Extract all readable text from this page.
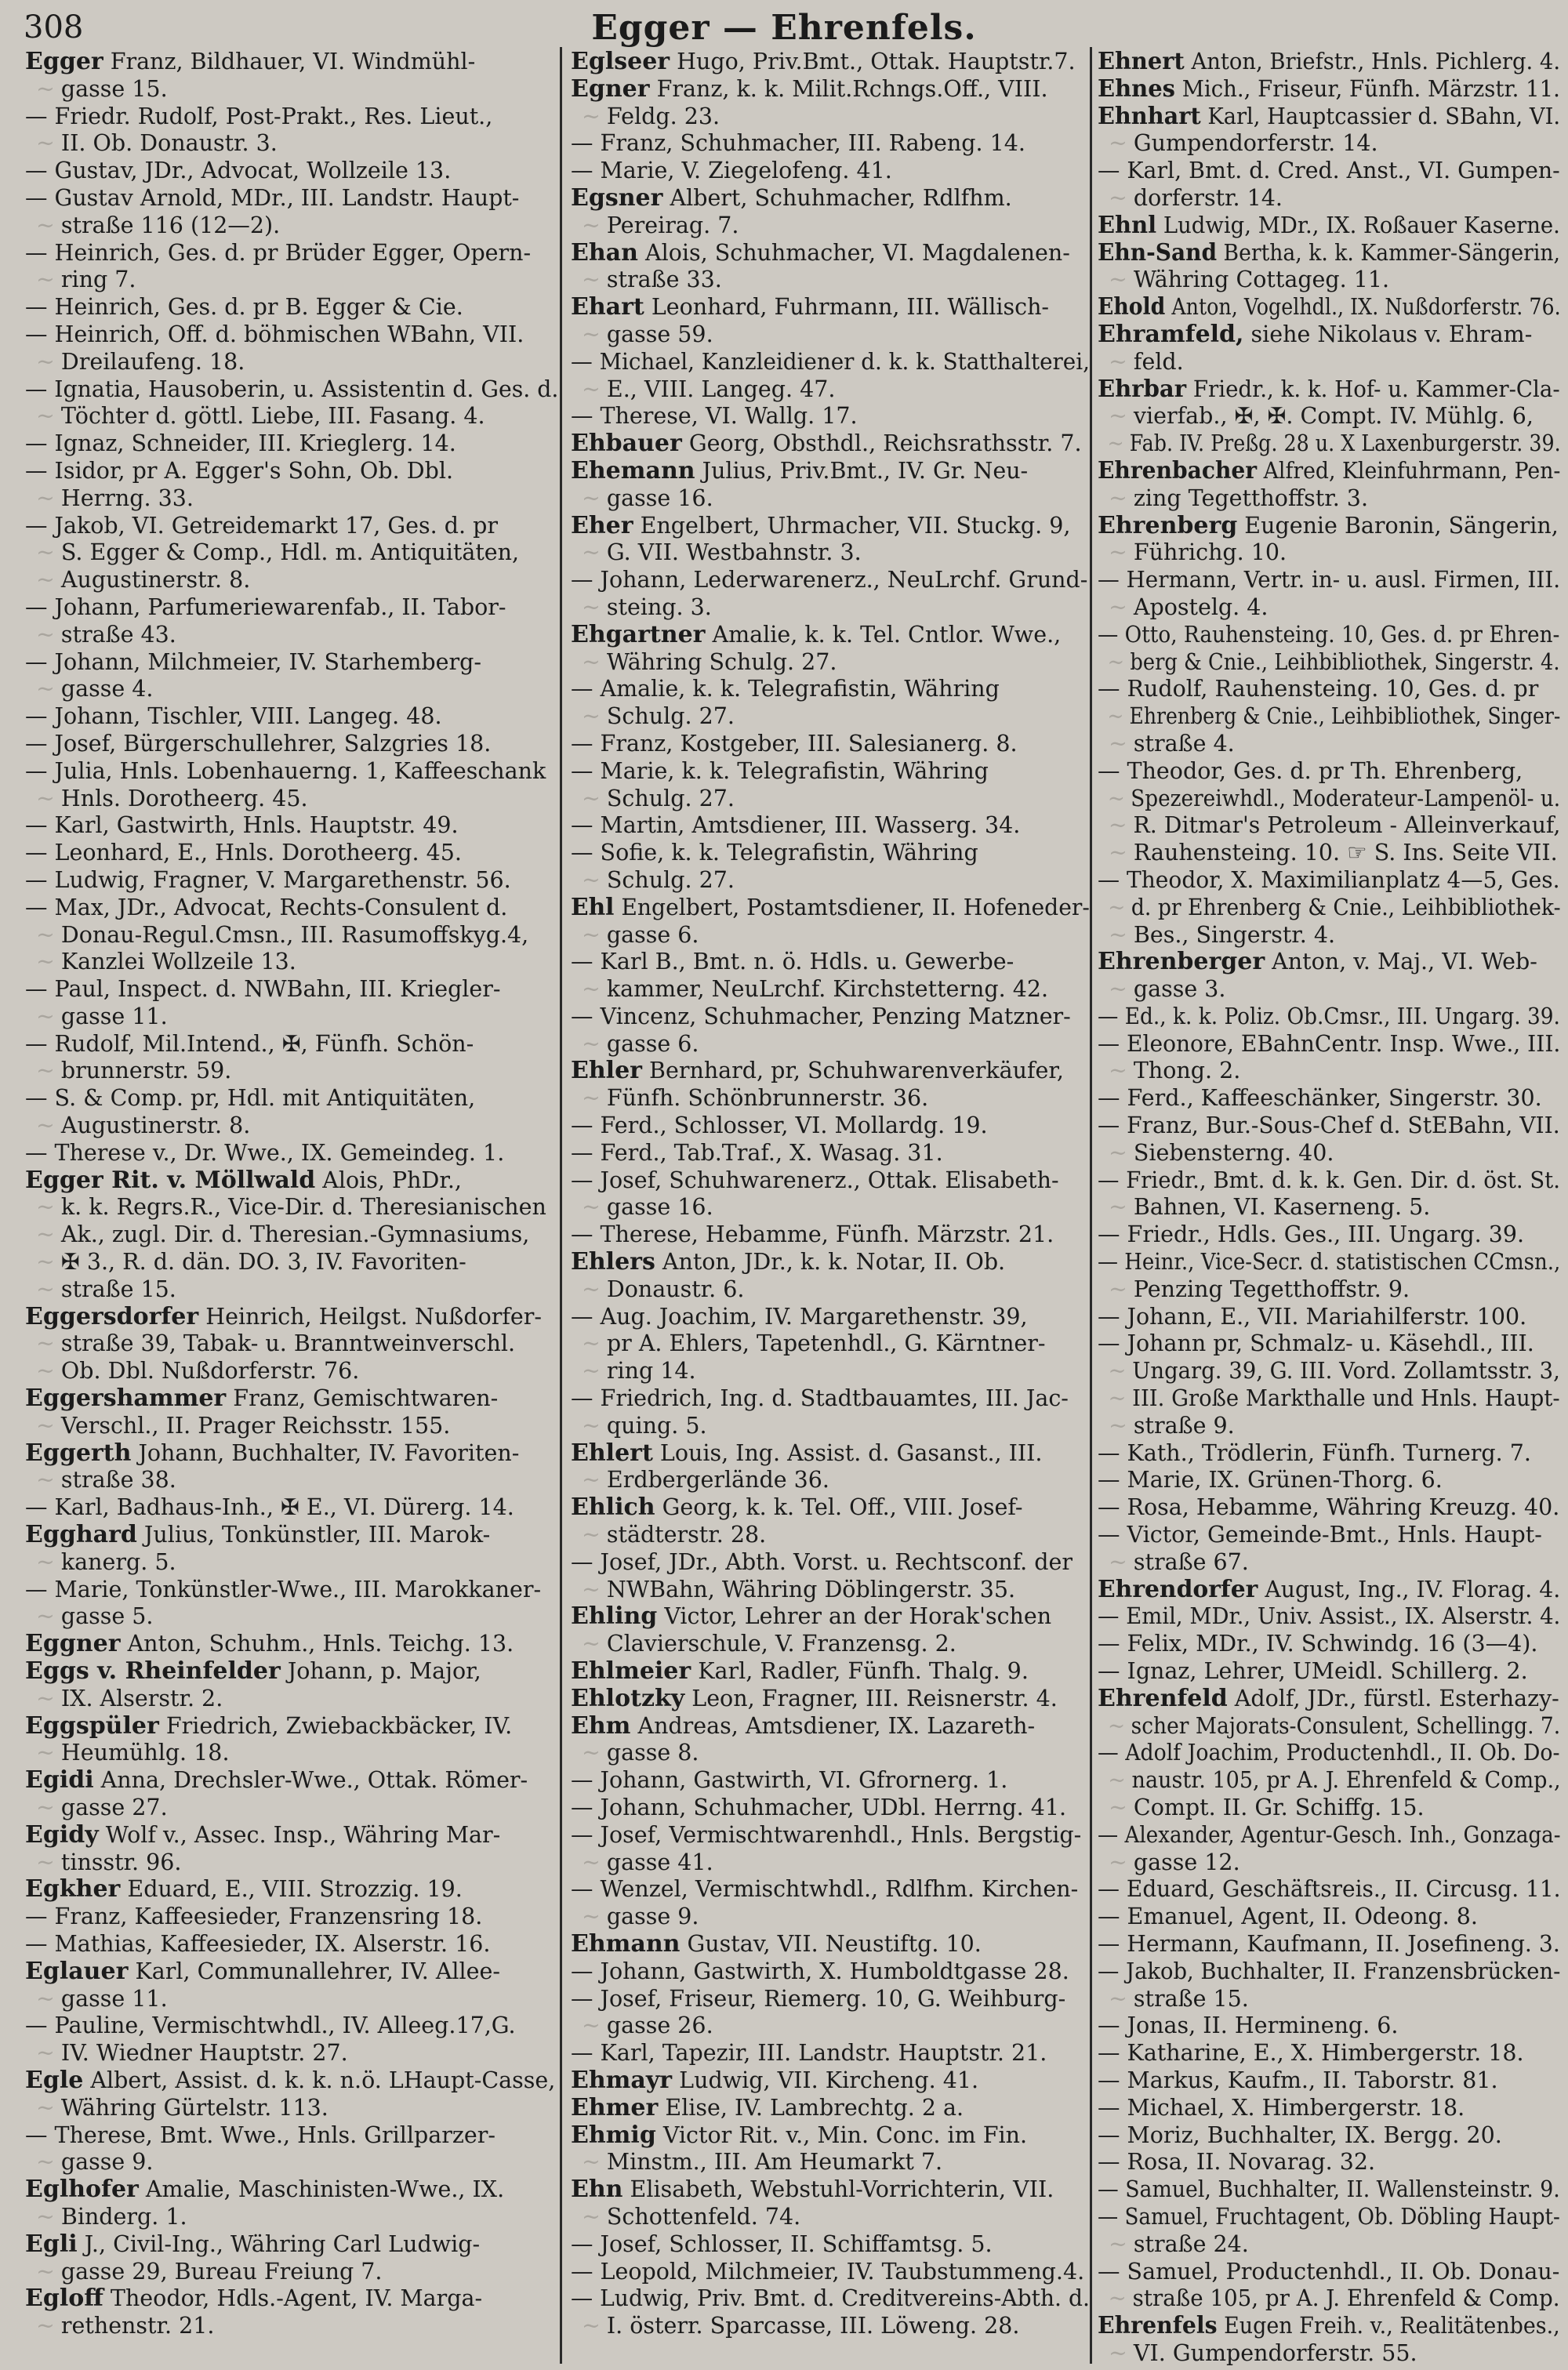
308	Egger — Ehrenfels.
Egger Franz, Bildhauer, VI. Windmühl-
~gasse 15.
— Friedr. Rudolf, Post-Prakt., Res. Lieut.,
~II. Ob. Donaustr. 3.
— Gustav, JDr., Advocat, Wollzeile 13.
— Gustav Arnold, MDr., III. Landstr. Haupt-
~straße 116 (12—2).
— Heinrich, Ges. d. pr Brüder Egger, Opern-
~ring 7.
— Heinrich, Ges. d. pr B. Egger & Cie.
— Heinrich, Off. d. böhmischen WBahn, VII.
~Dreilaufeng. 18.
— Ignatia, Hausoberin, u. Assistentin d. Ges. d.
~Töchter d. göttl. Liebe, III. Fasang. 4.
— Ignaz, Schneider, III. Krieglerg. 14.
— Isidor, pr A. Egger's Sohn, Ob. Dbl.
~Herrng. 33.
— Jakob, VI. Getreidemarkt 17, Ges. d. pr
~S. Egger & Comp., Hdl. m. Antiquitäten,
~Augustinerstr. 8.
— Johann, Parfumeriewarenfab., II. Tabor-
~straße 43.
— Johann, Milchmeier, IV. Starhemberg-
~gasse 4.
— Johann, Tischler, VIII. Langeg. 48.
— Josef, Bürgerschullehrer, Salzgries 18.
— Julia, Hnls. Lobenhauerng. 1, Kaffeeschank
~Hnls. Dorotheerg. 45.
— Karl, Gastwirth, Hnls. Hauptstr. 49.
— Leonhard, E., Hnls. Dorotheerg. 45.
— Ludwig, Fragner, V. Margarethenstr. 56.
— Max, JDr., Advocat, Rechts-Consulent d.
~Donau-Regul.Cmsn., III. Rasumoffskyg.4,
~Kanzlei Wollzeile 13.
— Paul, Inspect. d. NWBahn, III. Kriegler-
~gasse 11.
— Rudolf, Mil.Intend., ✠, Fünfh. Schön-
~brunnerstr. 59.
— S. & Comp. pr, Hdl. mit Antiquitäten,
~Augustinerstr. 8.
— Therese v., Dr. Wwe., IX. Gemeindeg. 1.
Egger Rit. v. Möllwald Alois, PhDr.,
~k. k. Regrs.R., Vice-Dir. d. Theresianischen
~Ak., zugl. Dir. d. Theresian.-Gymnasiums,
~✠ 3., R. d. dän. DO. 3, IV. Favoriten-
~straße 15.
Eggersdorfer Heinrich, Heilgst. Nußdorfer-
~straße 39, Tabak- u. Branntweinverschl.
~Ob. Dbl. Nußdorferstr. 76.
Eggershammer Franz, Gemischtwaren-
~Verschl., II. Prager Reichsstr. 155.
Eggerth Johann, Buchhalter, IV. Favoriten-
~straße 38.
— Karl, Badhaus-Inh., ✠ E., VI. Dürerg. 14.
Egghard Julius, Tonkünstler, III. Marok-
~kanerg. 5.
— Marie, Tonkünstler-Wwe., III. Marokkaner-
~gasse 5.
Eggner Anton, Schuhm., Hnls. Teichg. 13.
Eggs v. Rheinfelder Johann, p. Major,
~IX. Alserstr. 2.
Eggspüler Friedrich, Zwiebackbäcker, IV.
~Heumühlg. 18.
Egidi Anna, Drechsler-Wwe., Ottak. Römer-
~gasse 27.
Egidy Wolf v., Assec. Insp., Währing Mar-
~tinsstr. 96.
Egkher Eduard, E., VIII. Strozzig. 19.
— Franz, Kaffeesieder, Franzensring 18.
— Mathias, Kaffeesieder, IX. Alserstr. 16.
Eglauer Karl, Communallehrer, IV. Allee-
~gasse 11.
— Pauline, Vermischtwhdl., IV. Alleeg.17,G.
~IV. Wiedner Hauptstr. 27.
Egle Albert, Assist. d. k. k. n.ö. LHaupt-Casse,
~Währing Gürtelstr. 113.
— Therese, Bmt. Wwe., Hnls. Grillparzer-
~gasse 9.
Eglhofer Amalie, Maschinisten-Wwe., IX.
~Binderg. 1.
Egli J., Civil-Ing., Währing Carl Ludwig-
~gasse 29, Bureau Freiung 7.
Egloff Theodor, Hdls.-Agent, IV. Marga-
~rethenstr. 21.
Eglseer Hugo, Priv.Bmt., Ottak. Hauptstr.7.
Egner Franz, k. k. Milit.Rchngs.Off., VIII.
~Feldg. 23.
— Franz, Schuhmacher, III. Rabeng. 14.
— Marie, V. Ziegelofeng. 41.
Egsner Albert, Schuhmacher, Rdlfhm.
~Pereirag. 7.
Ehan Alois, Schuhmacher, VI. Magdalenen-
~straße 33.
Ehart Leonhard, Fuhrmann, III. Wällisch-
~gasse 59.
— Michael, Kanzleidiener d. k. k. Statthalterei,
~E., VIII. Langeg. 47.
— Therese, VI. Wallg. 17.
Ehbauer Georg, Obsthdl., Reichsrathsstr. 7.
Ehemann Julius, Priv.Bmt., IV. Gr. Neu-
~gasse 16.
Eher Engelbert, Uhrmacher, VII. Stuckg. 9,
~G. VII. Westbahnstr. 3.
— Johann, Lederwarenerz., NeuLrchf. Grund-
~steing. 3.
Ehgartner Amalie, k. k. Tel. Cntlor. Wwe.,
~Währing Schulg. 27.
— Amalie, k. k. Telegrafistin, Währing
~Schulg. 27.
— Franz, Kostgeber, III. Salesianerg. 8.
— Marie, k. k. Telegrafistin, Währing
~Schulg. 27.
— Martin, Amtsdiener, III. Wasserg. 34.
— Sofie, k. k. Telegrafistin, Währing
~Schulg. 27.
Ehl Engelbert, Postamtsdiener, II. Hofeneder-
~gasse 6.
— Karl B., Bmt. n. ö. Hdls. u. Gewerbe-
~kammer, NeuLrchf. Kirchstetterng. 42.
— Vincenz, Schuhmacher, Penzing Matzner-
~gasse 6.
Ehler Bernhard, pr, Schuhwarenverkäufer,
~Fünfh. Schönbrunnerstr. 36.
— Ferd., Schlosser, VI. Mollardg. 19.
— Ferd., Tab.Traf., X. Wasag. 31.
— Josef, Schuhwarenerz., Ottak. Elisabeth-
~gasse 16.
— Therese, Hebamme, Fünfh. Märzstr. 21.
Ehlers Anton, JDr., k. k. Notar, II. Ob.
~Donaustr. 6.
— Aug. Joachim, IV. Margarethenstr. 39,
~pr A. Ehlers, Tapetenhdl., G. Kärntner-
~ring 14.
— Friedrich, Ing. d. Stadtbauamtes, III. Jac-
~quing. 5.
Ehlert Louis, Ing. Assist. d. Gasanst., III.
~Erdbergerlände 36.
Ehlich Georg, k. k. Tel. Off., VIII. Josef-
~städterstr. 28.
— Josef, JDr., Abth. Vorst. u. Rechtsconf. der
~NWBahn, Währing Döblingerstr. 35.
Ehling Victor, Lehrer an der Horak'schen
~Clavierschule, V. Franzensg. 2.
Ehlmeier Karl, Radler, Fünfh. Thalg. 9.
Ehlotzky Leon, Fragner, III. Reisnerstr. 4.
Ehm Andreas, Amtsdiener, IX. Lazareth-
~gasse 8.
— Johann, Gastwirth, VI. Gfrornerg. 1.
— Johann, Schuhmacher, UDbl. Herrng. 41.
— Josef, Vermischtwarenhdl., Hnls. Bergstig-
~gasse 41.
— Wenzel, Vermischtwhdl., Rdlfhm. Kirchen-
~gasse 9.
Ehmann Gustav, VII. Neustiftg. 10.
— Johann, Gastwirth, X. Humboldtgasse 28.
— Josef, Friseur, Riemerg. 10, G. Weihburg-
~gasse 26.
— Karl, Tapezir, III. Landstr. Hauptstr. 21.
Ehmayr Ludwig, VII. Kircheng. 41.
Ehmer Elise, IV. Lambrechtg. 2 a.
Ehmig Victor Rit. v., Min. Conc. im Fin.
~Minstm., III. Am Heumarkt 7.
Ehn Elisabeth, Webstuhl-Vorrichterin, VII.
~Schottenfeld. 74.
— Josef, Schlosser, II. Schiffamtsg. 5.
— Leopold, Milchmeier, IV. Taubstummeng.4.
— Ludwig, Priv. Bmt. d. Creditvereins-Abth. d.
~I. österr. Sparcasse, III. Löweng. 28.
Ehnert Anton, Briefstr., Hnls. Pichlerg. 4.
Ehnes Mich., Friseur, Fünfh. Märzstr. 11.
Ehnhart Karl, Hauptcassier d. SBahn, VI.
~Gumpendorferstr. 14.
— Karl, Bmt. d. Cred. Anst., VI. Gumpen-
~dorferstr. 14.
Ehnl Ludwig, MDr., IX. Roßauer Kaserne.
Ehn-Sand Bertha, k. k. Kammer-Sängerin,
~Währing Cottageg. 11.
Ehold Anton, Vogelhdl., IX. Nußdorferstr. 76.
Ehramfeld, siehe Nikolaus v. Ehram-
~feld.
Ehrbar Friedr., k. k. Hof- u. Kammer-Cla-
~vierfab., ✠, ✠. Compt. IV. Mühlg. 6,
~Fab. IV. Preßg. 28 u. X Laxenburgerstr. 39.
Ehrenbacher Alfred, Kleinfuhrmann, Pen-
~zing Tegetthoffstr. 3.
Ehrenberg Eugenie Baronin, Sängerin,
~Führichg. 10.
— Hermann, Vertr. in- u. ausl. Firmen, III.
~Apostelg. 4.
— Otto, Rauhensteing. 10, Ges. d. pr Ehren-
~berg & Cnie., Leihbibliothek, Singerstr. 4.
— Rudolf, Rauhensteing. 10, Ges. d. pr
~Ehrenberg & Cnie., Leihbibliothek, Singer-
~straße 4.
— Theodor, Ges. d. pr Th. Ehrenberg,
~Spezereiwhdl., Moderateur-Lampenöl- u.
~R. Ditmar's Petroleum - Alleinverkauf,
~Rauhensteing. 10. ☞ S. Ins. Seite VII.
— Theodor, X. Maximilianplatz 4—5, Ges.
~d. pr Ehrenberg & Cnie., Leihbibliothek-
~Bes., Singerstr. 4.
Ehrenberger Anton, v. Maj., VI. Web-
~gasse 3.
— Ed., k. k. Poliz. Ob.Cmsr., III. Ungarg. 39.
— Eleonore, EBahnCentr. Insp. Wwe., III.
~Thong. 2.
— Ferd., Kaffeeschänker, Singerstr. 30.
— Franz, Bur.-Sous-Chef d. StEBahn, VII.
~Siebensterng. 40.
— Friedr., Bmt. d. k. k. Gen. Dir. d. öst. St.
~Bahnen, VI. Kaserneng. 5.
— Friedr., Hdls. Ges., III. Ungarg. 39.
— Heinr., Vice-Secr. d. statistischen CCmsn.,
~Penzing Tegetthoffstr. 9.
— Johann, E., VII. Mariahilferstr. 100.
— Johann pr, Schmalz- u. Käsehdl., III.
~Ungarg. 39, G. III. Vord. Zollamtsstr. 3,
~III. Große Markthalle und Hnls. Haupt-
~straße 9.
— Kath., Trödlerin, Fünfh. Turnerg. 7.
— Marie, IX. Grünen-Thorg. 6.
— Rosa, Hebamme, Währing Kreuzg. 40.
— Victor, Gemeinde-Bmt., Hnls. Haupt-
~straße 67.
Ehrendorfer August, Ing., IV. Florag. 4.
— Emil, MDr., Univ. Assist., IX. Alserstr. 4.
— Felix, MDr., IV. Schwindg. 16 (3—4).
— Ignaz, Lehrer, UMeidl. Schillerg. 2.
Ehrenfeld Adolf, JDr., fürstl. Esterhazy-
~scher Majorats-Consulent, Schellingg. 7.
— Adolf Joachim, Productenhdl., II. Ob. Do-
~naustr. 105, pr A. J. Ehrenfeld & Comp.,
~Compt. II. Gr. Schiffg. 15.
— Alexander, Agentur-Gesch. Inh., Gonzaga-
~gasse 12.
— Eduard, Geschäftsreis., II. Circusg. 11.
— Emanuel, Agent, II. Odeong. 8.
— Hermann, Kaufmann, II. Josefineng. 3.
— Jakob, Buchhalter, II. Franzensbrücken-
~straße 15.
— Jonas, II. Hermineng. 6.
— Katharine, E., X. Himbergerstr. 18.
— Markus, Kaufm., II. Taborstr. 81.
— Michael, X. Himbergerstr. 18.
— Moriz, Buchhalter, IX. Bergg. 20.
— Rosa, II. Novarag. 32.
— Samuel, Buchhalter, II. Wallensteinstr. 9.
— Samuel, Fruchtagent, Ob. Döbling Haupt-
~straße 24.
— Samuel, Productenhdl., II. Ob. Donau-
~straße 105, pr A. J. Ehrenfeld & Comp.
Ehrenfels Eugen Freih. v., Realitätenbes.,
~VI. Gumpendorferstr. 55.
